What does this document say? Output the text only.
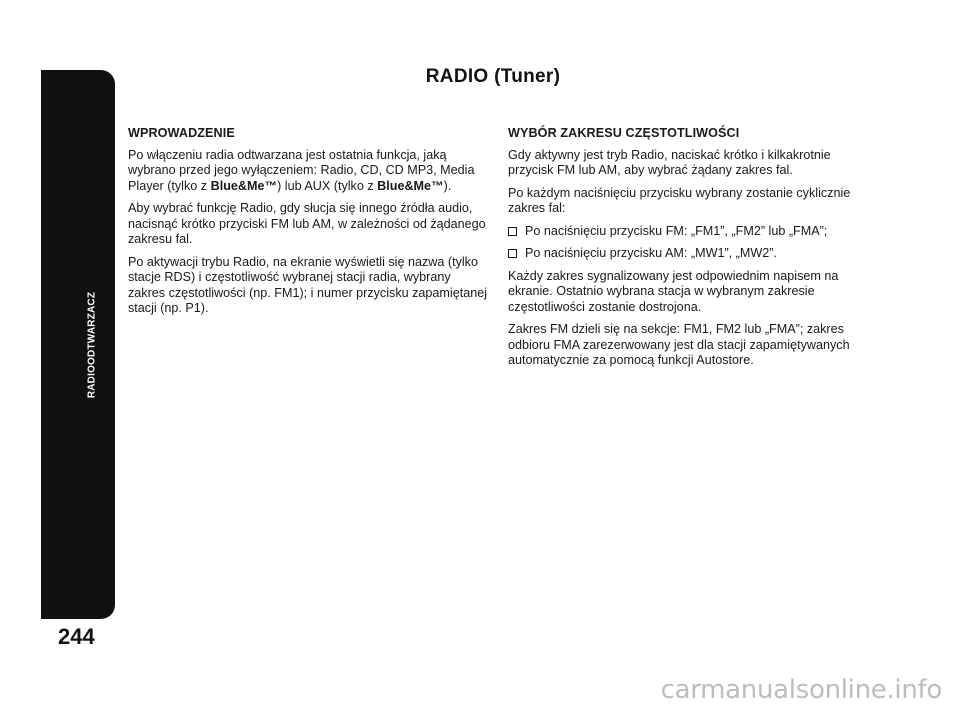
RADIOODTWARZACZ
244
RADIO (Tuner)
WPROWADZENIE

Po włączeniu radia odtwarzana jest ostatnia funkcja, jaką wybrano przed jego wyłączeniem: Radio, CD, CD MP3, Media Player (tylko z Blue&Me™) lub AUX (tylko z Blue&Me™).

Aby wybrać funkcję Radio, gdy słucja się innego źródła audio, nacisnąć krótko przyciski FM lub AM, w zależności od żądanego zakresu fal.

Po aktywacji trybu Radio, na ekranie wyświetli się nazwa (tylko stacje RDS) i częstotliwość wybranej stacji radia, wybrany zakres częstotliwości (np. FM1); i numer przycisku zapamiętanej stacji (np. P1).

WYBÓR ZAKRESU CZĘSTOTLIWOŚCI

Gdy aktywny jest tryb Radio, naciskać krótko i kilkakrotnie przycisk FM lub AM, aby wybrać żądany zakres fal.

Po każdym naciśnięciu przycisku wybrany zostanie cyklicznie zakres fal:

Po naciśnięciu przycisku FM: „FM1”, „FM2” lub „FMA”;
Po naciśnięciu przycisku AM: „MW1”, „MW2”.

Każdy zakres sygnalizowany jest odpowiednim napisem na ekranie. Ostatnio wybrana stacja w wybranym zakresie częstotliwości zostanie dostrojona.

Zakres FM dzieli się na sekcje: FM1, FM2 lub „FMA”; zakres odbioru FMA zarezerwowany jest dla stacji zapamiętywanych automatycznie za pomocą funkcji Autostore.

carmanualsonline.info
